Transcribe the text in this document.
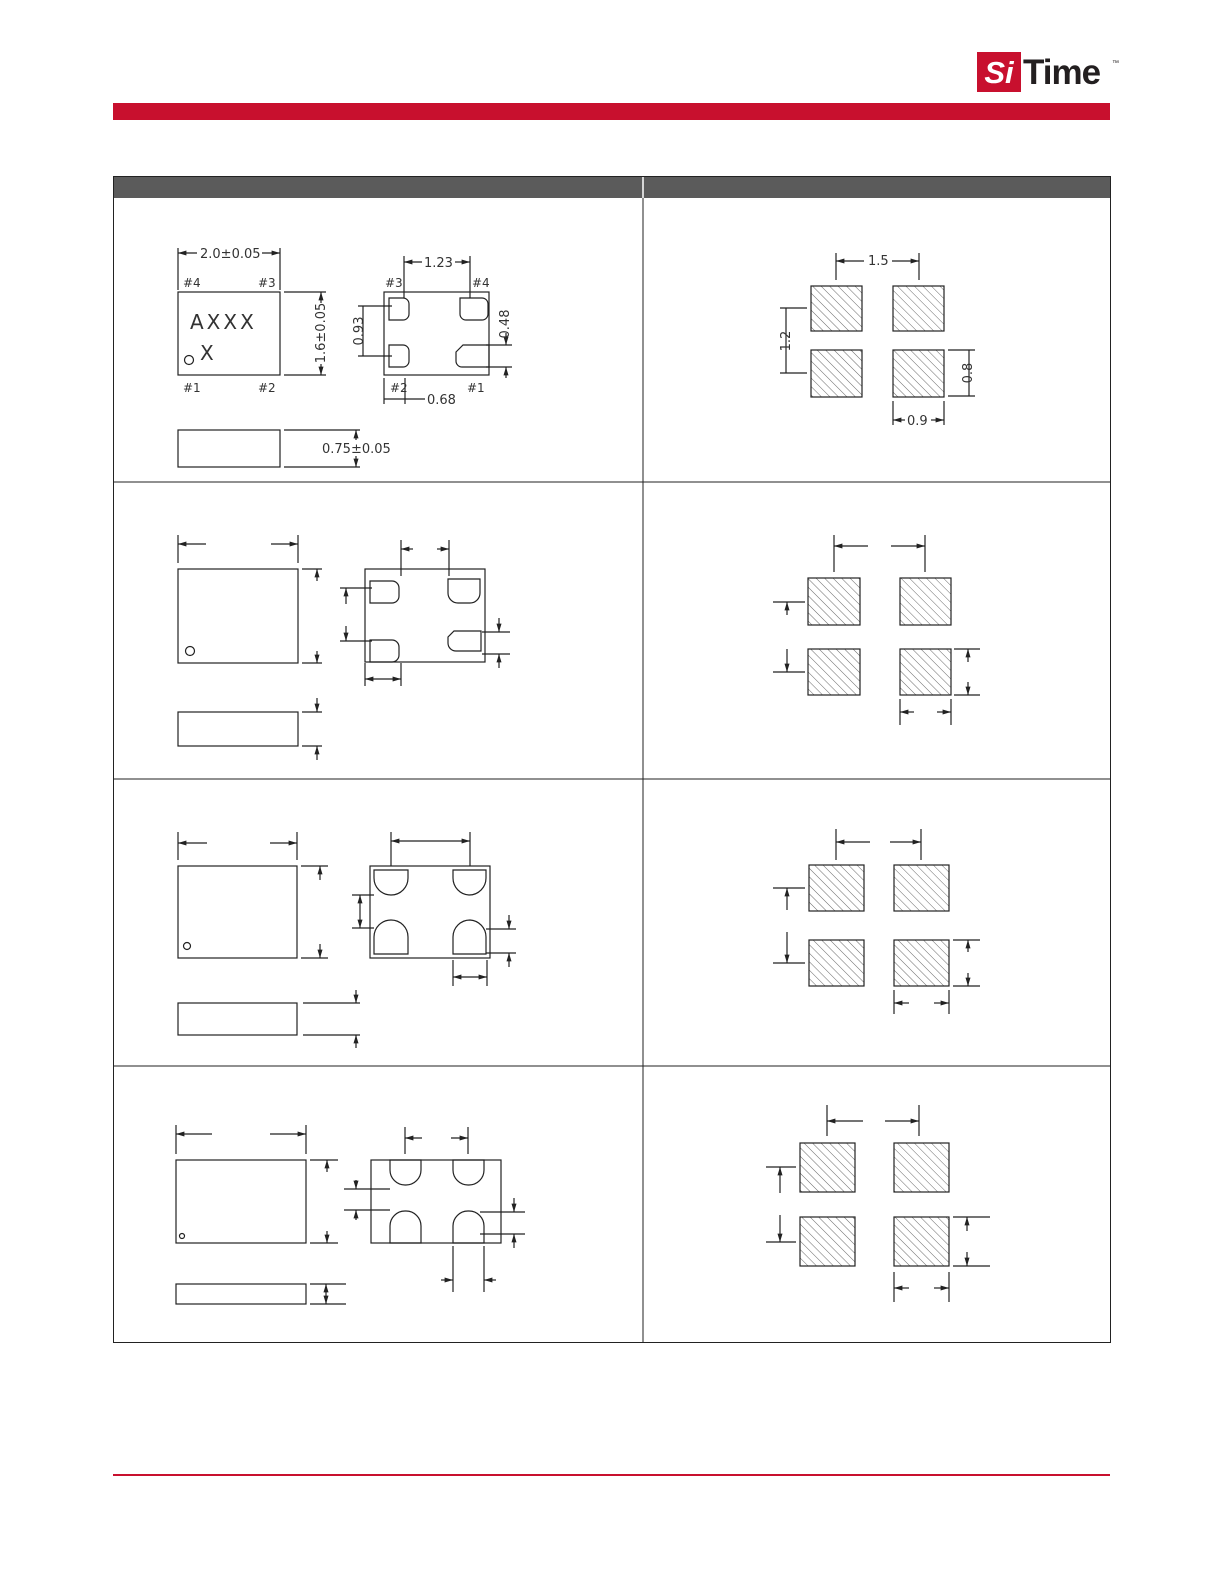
Si Time ™
2.0±0.05
1.6±0.05
AXXX
X
#4	#3
#1	#2
#3	#4
#2	#1
1.23
0.93	0.48
0.68
0.75±0.05
1.5
1.2
0.8
0.9
